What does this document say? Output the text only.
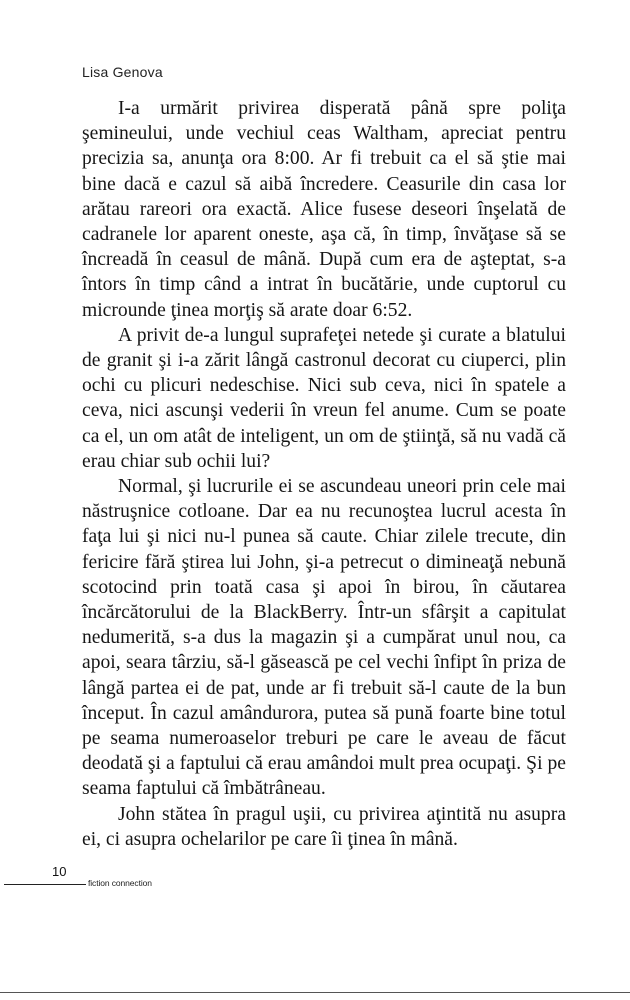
Lisa Genova

I-a urmărit privirea disperată până spre poliţa şemineului, unde vechiul ceas Waltham, apreciat pentru precizia sa, anunţa ora 8:00. Ar fi trebuit ca el să ştie mai bine dacă e cazul să aibă încredere. Ceasurile din casa lor arătau rareori ora exactă. Alice fusese deseori înşelată de cadranele lor aparent oneste, aşa că, în timp, învăţase să se încreadă în ceasul de mână. După cum era de aşteptat, s-a întors în timp când a intrat în bucătărie, unde cuptorul cu microunde ţinea morţiş să arate doar 6:52.

A privit de-a lungul suprafeţei netede şi curate a blatului de granit şi i-a zărit lângă castronul decorat cu ciuperci, plin ochi cu plicuri nedeschise. Nici sub ceva, nici în spatele a ceva, nici ascunşi vederii în vreun fel anume. Cum se poate ca el, un om atât de inteligent, un om de ştiinţă, să nu vadă că erau chiar sub ochii lui?

Normal, şi lucrurile ei se ascundeau uneori prin cele mai năstruşnice cotloane. Dar ea nu recunoştea lucrul acesta în faţa lui şi nici nu-l punea să caute. Chiar zilele trecute, din fericire fără ştirea lui John, şi-a petrecut o dimineaţă nebună scotocind prin toată casa şi apoi în birou, în căutarea încărcătorului de la BlackBerry. Într-un sfârşit a capitulat nedumerită, s-a dus la magazin şi a cumpărat unul nou, ca apoi, seara târziu, să-l găsească pe cel vechi înfipt în priza de lângă partea ei de pat, unde ar fi trebuit să-l caute de la bun început. În cazul amândurora, putea să pună foarte bine totul pe seama numeroaselor treburi pe care le aveau de făcut deodată şi a faptului că erau amândoi mult prea ocupaţi. Şi pe seama faptului că îmbătrâneau.

John stătea în pragul uşii, cu privirea aţintită nu asupra ei, ci asupra ochelarilor pe care îi ţinea în mână.

10
fiction connection
